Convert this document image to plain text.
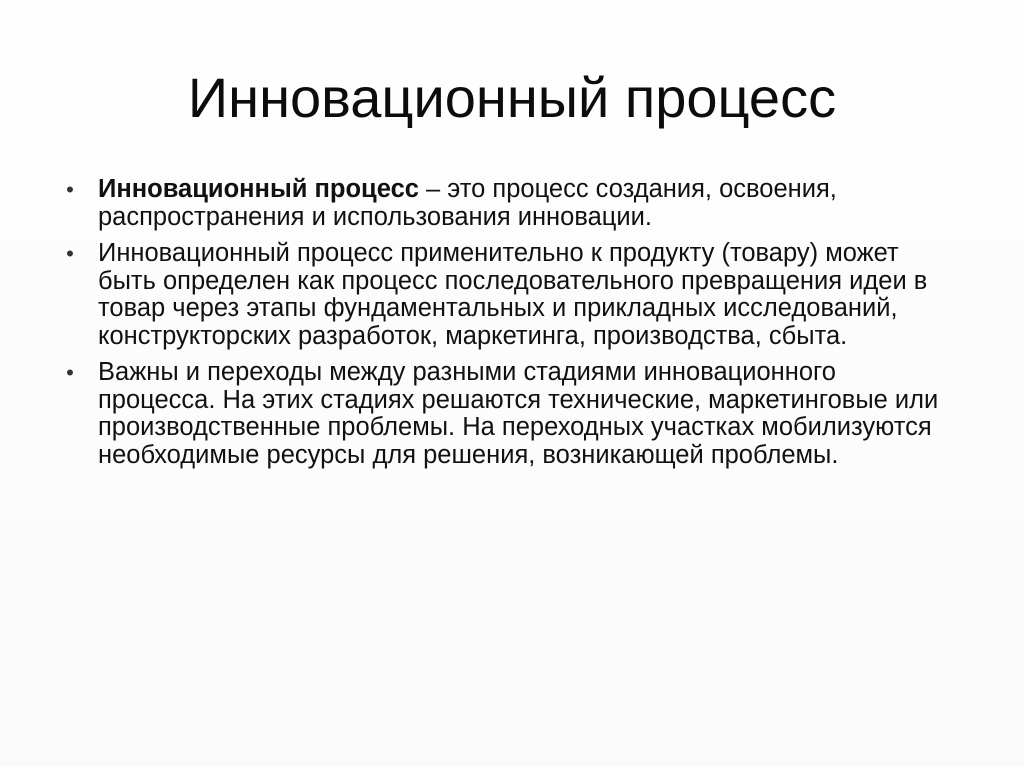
Инновационный процесс
• Инновационный процесс – это процесс создания, освоения, распространения и использования инновации.
• Инновационный процесс применительно к продукту (товару) может быть определен как процесс последовательного превращения идеи в товар через этапы фундаментальных и прикладных исследований, конструкторских разработок, маркетинга, производства, сбыта.
• Важны и переходы между разными стадиями инновационного процесса. На этих стадиях решаются технические, маркетинговые или производственные проблемы. На переходных участках мобилизуются необходимые ресурсы для решения, возникающей проблемы.
